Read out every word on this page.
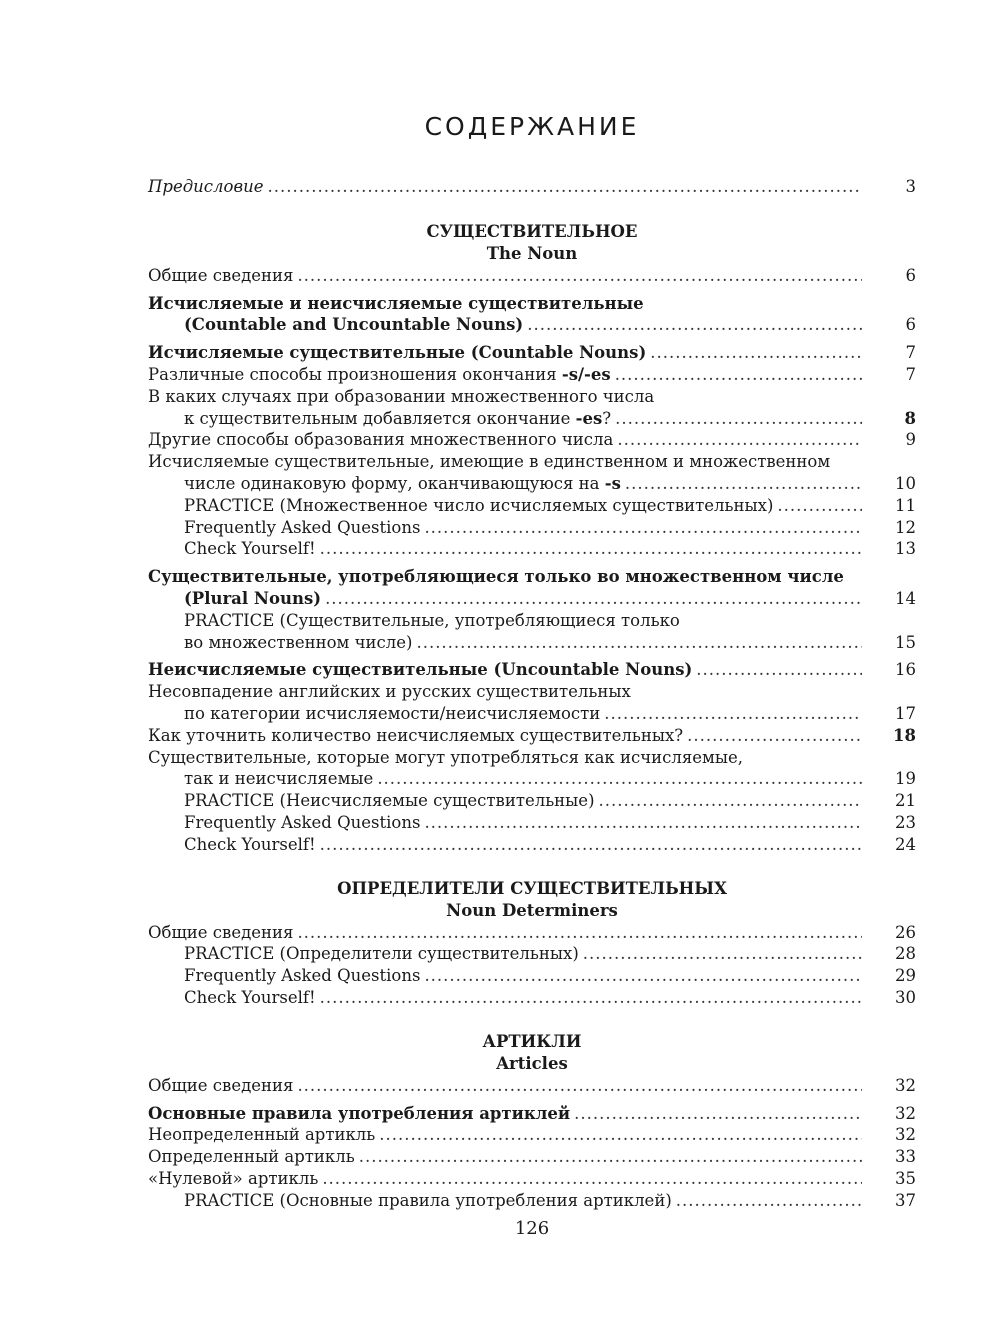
СОДЕРЖАНИЕ
Предисловие .....	3
СУЩЕСТВИТЕЛЬНОЕ
The Noun
Общие сведения .....	6
Исчисляемые и неисчисляемые существительные
(Countable and Uncountable Nouns) .....	6
Исчисляемые существительные (Countable Nouns) .....	7
Различные способы произношения окончания -s/-es .....	7
В каких случаях при образовании множественного числа
к существительным добавляется окончание -es? .....	8
Другие способы образования множественного числа .....	9
Исчисляемые существительные, имеющие в единственном и множественном
числе одинаковую форму, оканчивающуюся на -s .....	10
PRACTICE (Множественное число исчисляемых существительных) .....	11
Frequently Asked Questions .....	12
Check Yourself! .....	13
Существительные, употребляющиеся только во множественном числе
(Plural Nouns) .....	14
PRACTICE (Существительные, употребляющиеся только
во множественном числе) .....	15
Неисчисляемые существительные (Uncountable Nouns) .....	16
Несовпадение английских и русских существительных
по категории исчисляемости/неисчисляемости .....	17
Как уточнить количество неисчисляемых существительных? .....	18
Существительные, которые могут употребляться как исчисляемые,
так и неисчисляемые .....	19
PRACTICE (Неисчисляемые существительные) .....	21
Frequently Asked Questions .....	23
Check Yourself! .....	24
ОПРЕДЕЛИТЕЛИ СУЩЕСТВИТЕЛЬНЫХ
Noun Determiners
Общие сведения .....	26
PRACTICE (Определители существительных) .....	28
Frequently Asked Questions .....	29
Check Yourself! .....	30
АРТИКЛИ
Articles
Общие сведения .....	32
Основные правила употребления артиклей .....	32
Неопределенный артикль .....	32
Определенный артикль .....	33
«Нулевой» артикль .....	35
PRACTICE (Основные правила употребления артиклей) .....	37
126
